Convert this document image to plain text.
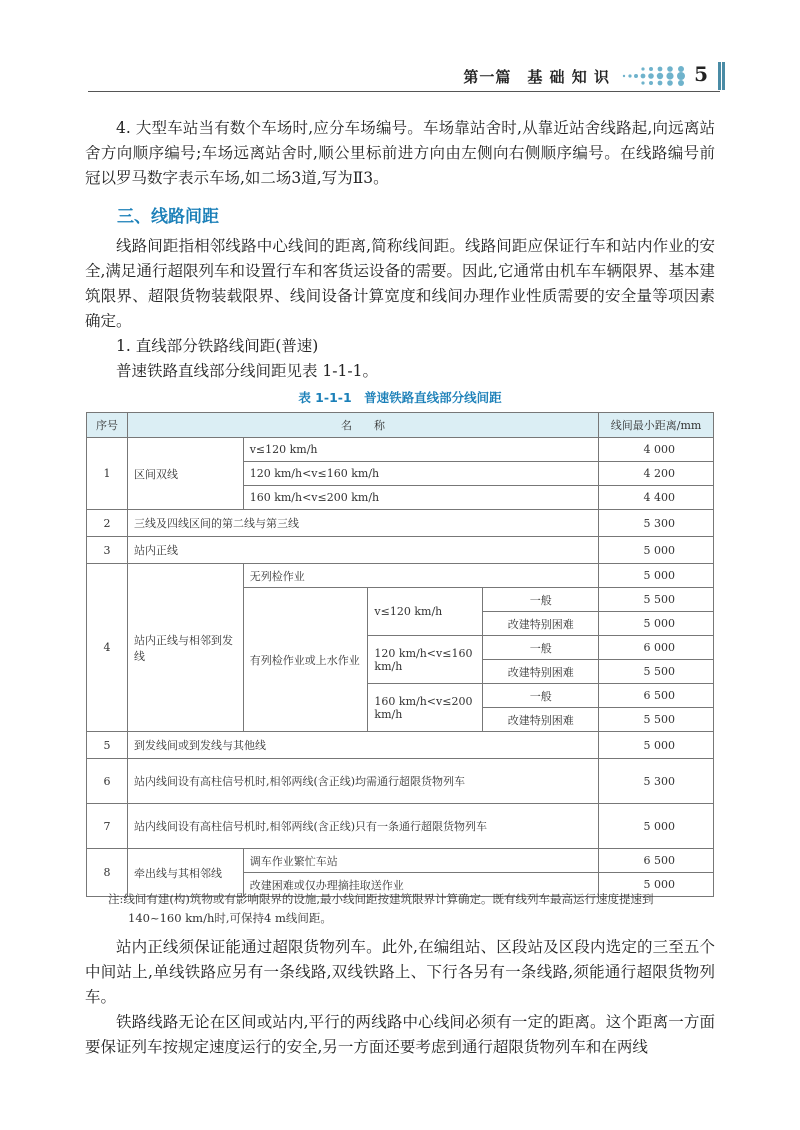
第一篇　基 础 知 识	5

4. 大型车站当有数个车场时,应分车场编号。车场靠站舍时,从靠近站舍线路起,向远离站舍方向顺序编号;车场远离站舍时,顺公里标前进方向由左侧向右侧顺序编号。在线路编号前冠以罗马数字表示车场,如二场3道,写为Ⅱ3。

三、线路间距

线路间距指相邻线路中心线间的距离,简称线间距。线路间距应保证行车和站内作业的安全,满足通行超限列车和设置行车和客货运设备的需要。因此,它通常由机车车辆限界、基本建筑限界、超限货物装载限界、线间设备计算宽度和线间办理作业性质需要的安全量等项因素确定。

1. 直线部分铁路线间距(普速)

普速铁路直线部分线间距见表 1-1-1。

表 1-1-1　普速铁路直线部分线间距
序号	名　　称				线间最小距离/mm
1	区间双线	v≤120 km/h			4 000
		120 km/h<v≤160 km/h			4 200
		160 km/h<v≤200 km/h			4 400
2	三线及四线区间的第二线与第三线				5 300
3	站内正线				5 000
4	站内正线与相邻到发线	无列检作业			5 000
		有列检作业或上水作业	v≤120 km/h	一般	5 500
				改建特别困难	5 000
			120 km/h<v≤160 km/h	一般	6 000
				改建特别困难	5 500
			160 km/h<v≤200 km/h	一般	6 500
				改建特别困难	5 500
5	到发线间或到发线与其他线				5 000
6	站内线间设有高柱信号机时,相邻两线(含正线)均需通行超限货物列车				5 300
7	站内线间设有高柱信号机时,相邻两线(含正线)只有一条通行超限货物列车				5 000
8	牵出线与其相邻线	调车作业繁忙车站			6 500
		改建困难或仅办理摘挂取送作业			5 000
注:线间有建(构)筑物或有影响限界的设施,最小线间距按建筑限界计算确定。既有线列车最高运行速度提速到
140~160 km/h时,可保持4 m线间距。

站内正线须保证能通过超限货物列车。此外,在编组站、区段站及区段内选定的三至五个中间站上,单线铁路应另有一条线路,双线铁路上、下行各另有一条线路,须能通行超限货物列车。

铁路线路无论在区间或站内,平行的两线路中心线间必须有一定的距离。这个距离一方面要保证列车按规定速度运行的安全,另一方面还要考虑到通行超限货物列车和在两线
